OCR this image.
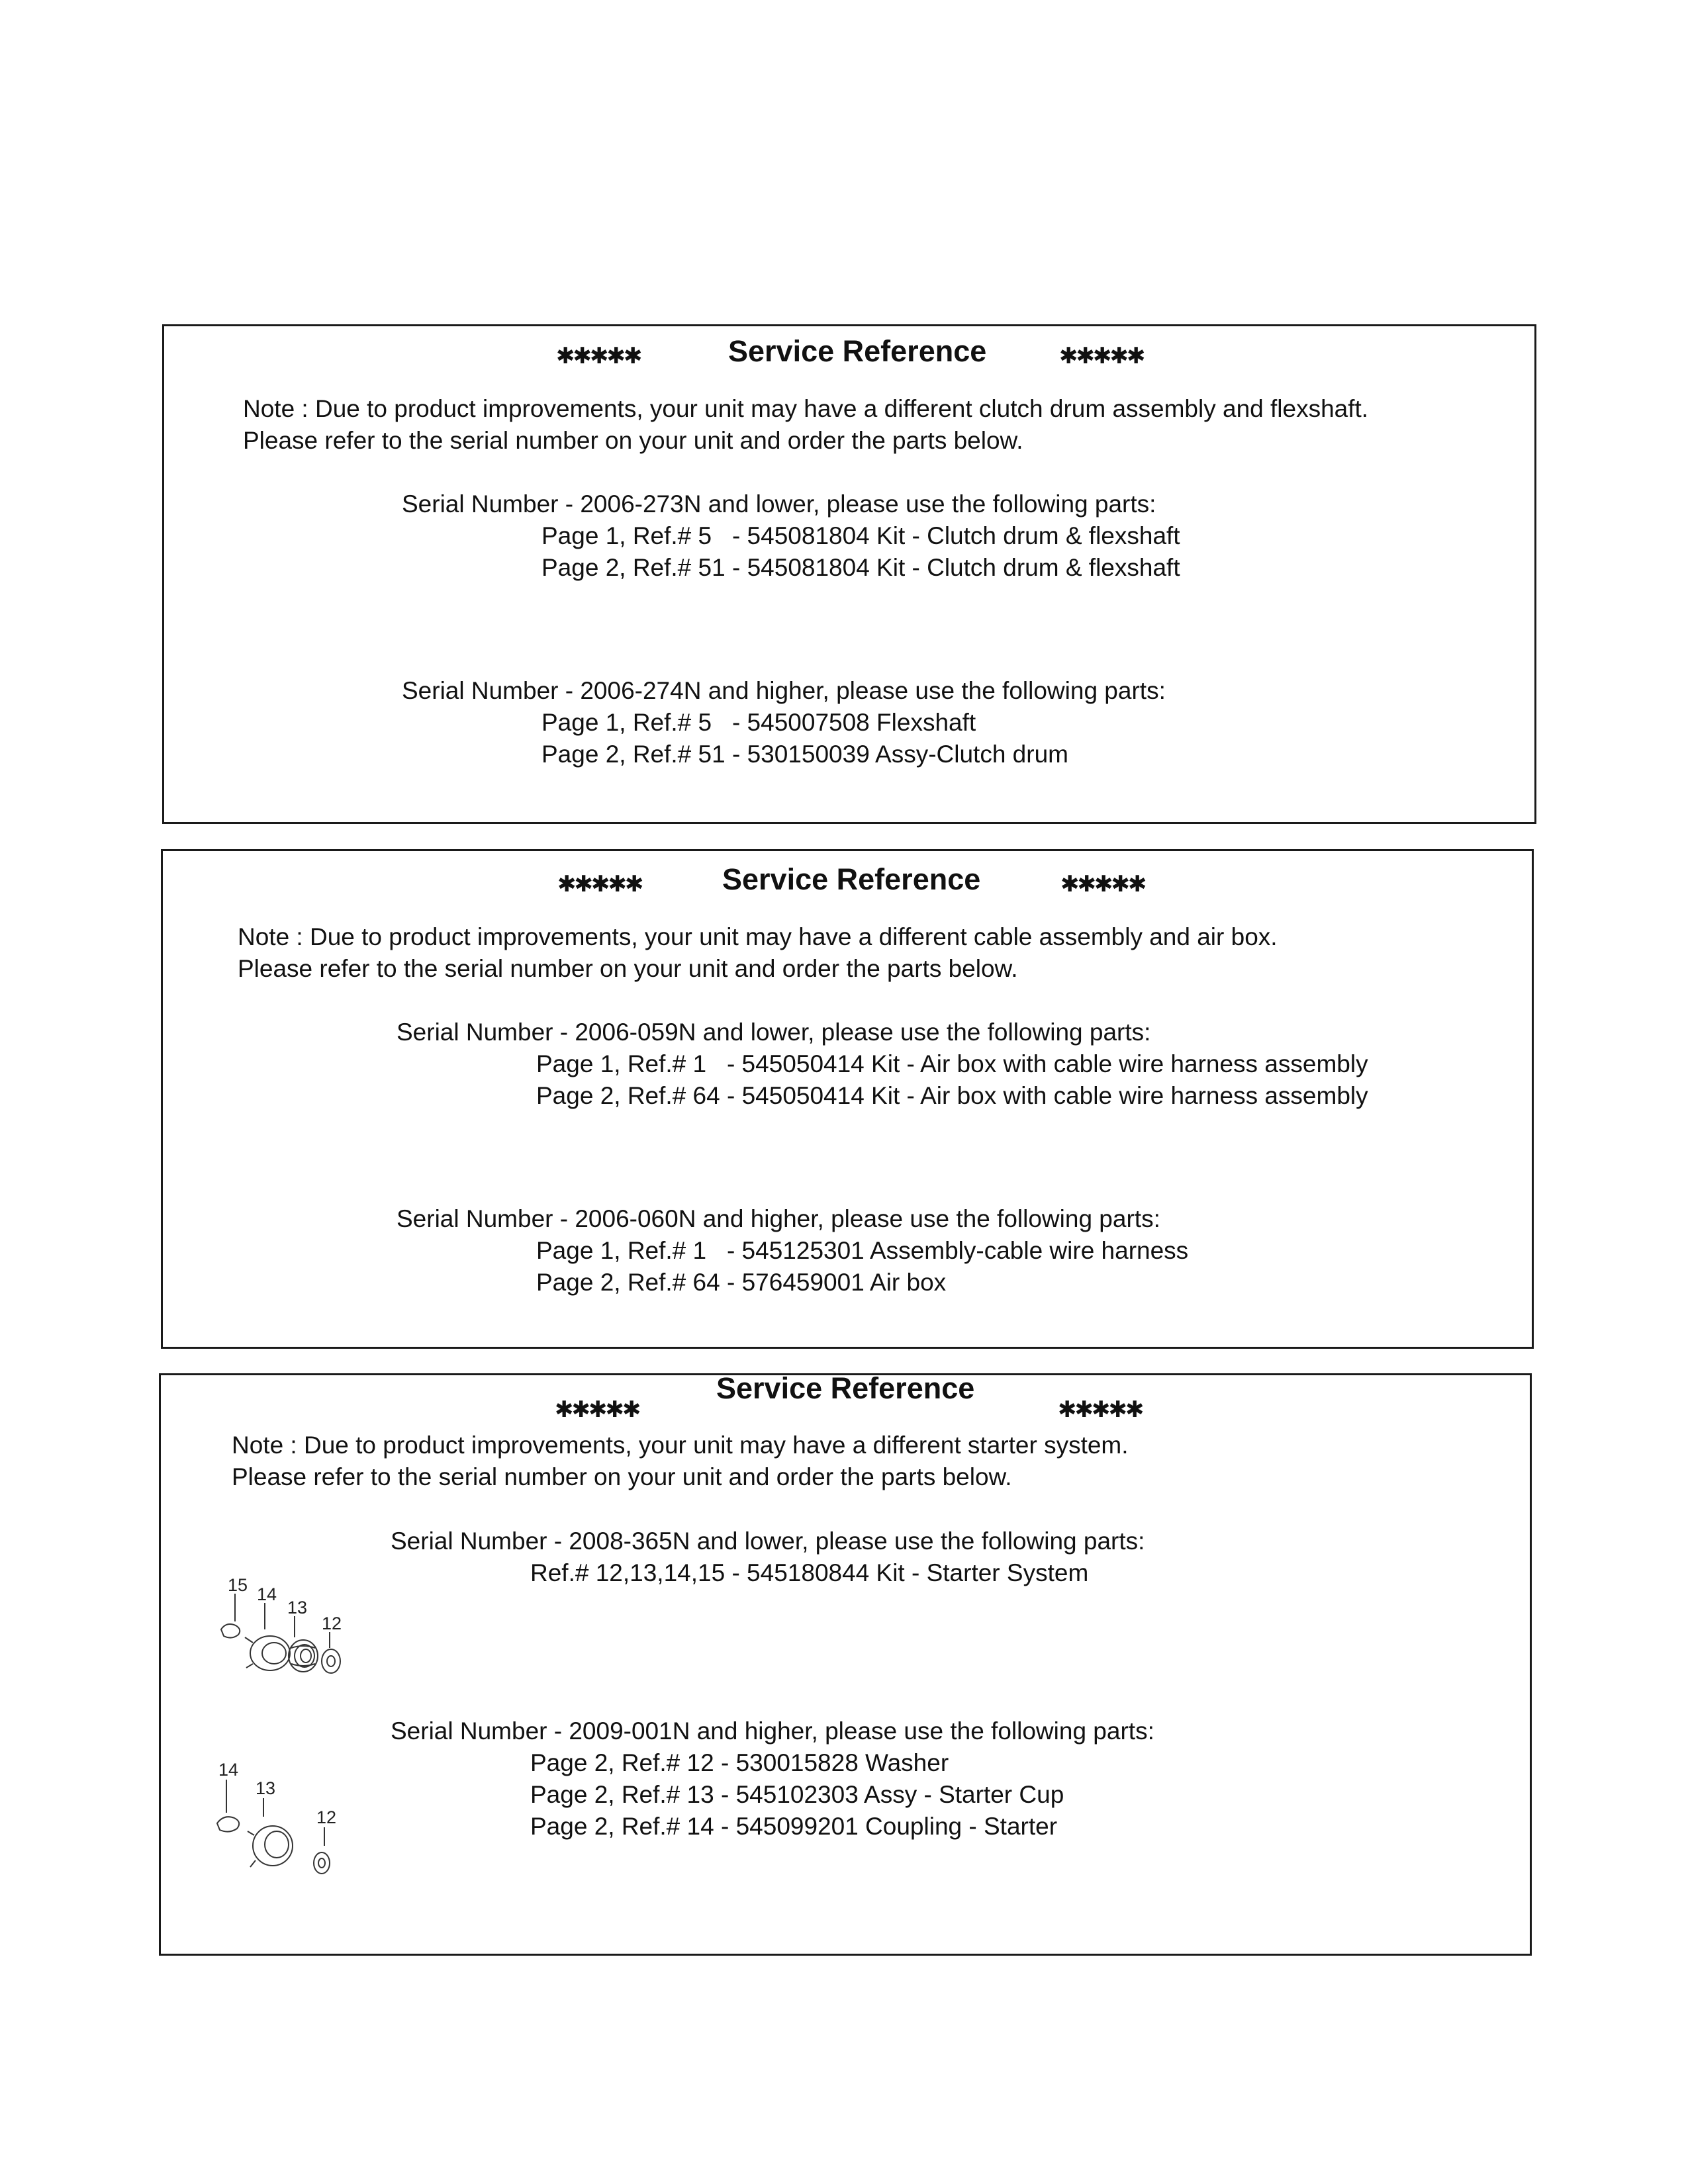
✱✱✱✱✱	Service Reference	✱✱✱✱✱
Note : Due to product improvements, your unit may have a different clutch drum assembly and flexshaft.
Please refer to the serial number on your unit and order the parts below.
Serial Number - 2006-273N and lower, please use the following parts:
Page 1, Ref.# 5   - 545081804 Kit - Clutch drum & flexshaft
Page 2, Ref.# 51 - 545081804 Kit - Clutch drum & flexshaft
Serial Number - 2006-274N and higher, please use the following parts:
Page 1, Ref.# 5   - 545007508 Flexshaft
Page 2, Ref.# 51 - 530150039 Assy-Clutch drum
✱✱✱✱✱	Service Reference	✱✱✱✱✱
Note : Due to product improvements, your unit may have a different cable assembly and air box.
Please refer to the serial number on your unit and order the parts below.
Serial Number - 2006-059N and lower, please use the following parts:
Page 1, Ref.# 1   - 545050414 Kit - Air box with cable wire harness assembly
Page 2, Ref.# 64 - 545050414 Kit - Air box with cable wire harness assembly
Serial Number - 2006-060N and higher, please use the following parts:
Page 1, Ref.# 1   - 545125301 Assembly-cable wire harness
Page 2, Ref.# 64 - 576459001 Air box
✱✱✱✱✱
Service Reference
✱✱✱✱✱
Note : Due to product improvements, your unit may have a different starter system.
Please refer to the serial number on your unit and order the parts below.
Serial Number - 2008-365N and lower, please use the following parts:
Ref.# 12,13,14,15 - 545180844 Kit - Starter System
Serial Number - 2009-001N and higher, please use the following parts:
Page 2, Ref.# 12 - 530015828 Washer
Page 2, Ref.# 13 - 545102303 Assy - Starter Cup
Page 2, Ref.# 14 - 545099201 Coupling - Starter
15 14
13
12
14
13
12
